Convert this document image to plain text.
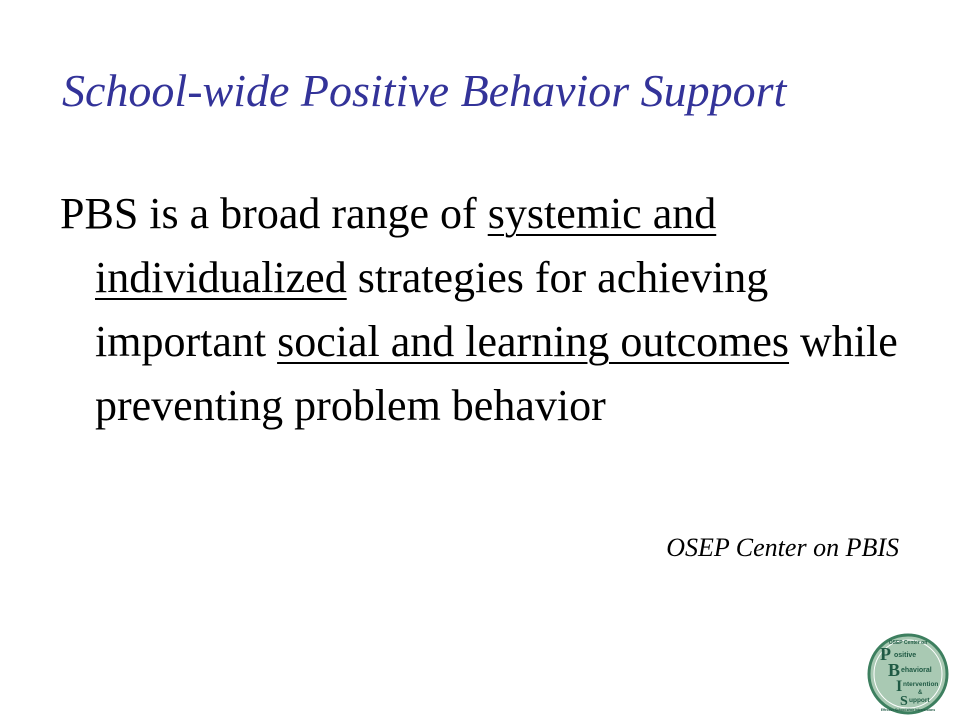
School-wide Positive Behavior Support

PBS is a broad range of systemic and individualized strategies for achieving important social and learning outcomes while preventing problem behavior

OSEP Center on PBIS

OSEP Center on
P ositive
B ehavioral
I ntervention
&
S upport
Effective School-Wide Interventions
